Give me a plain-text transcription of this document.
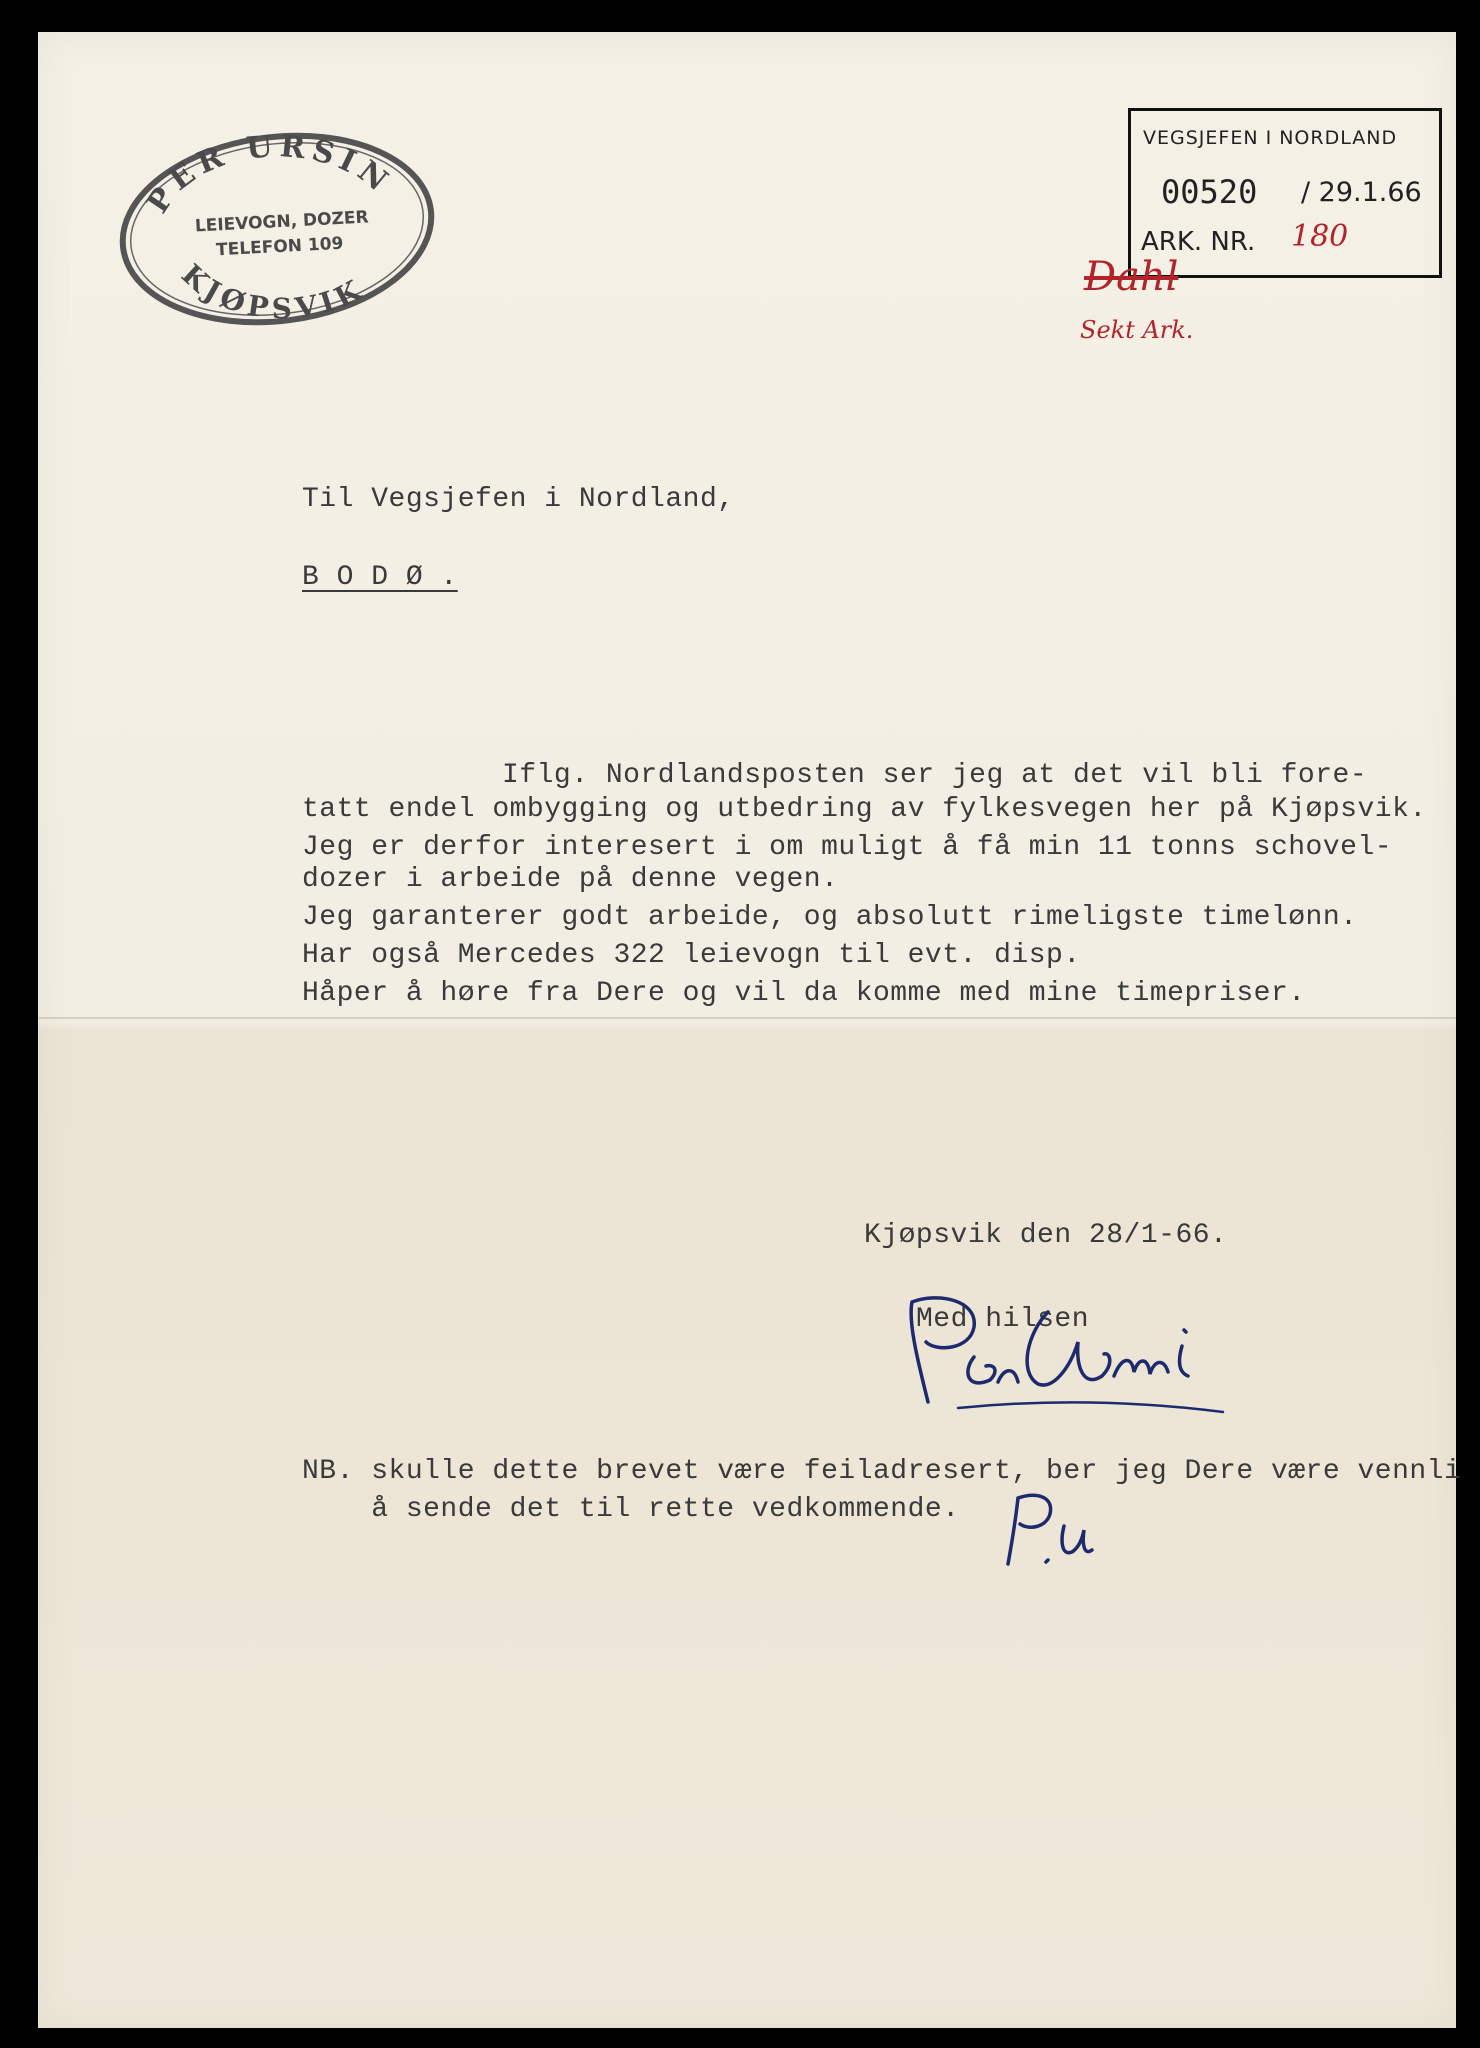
PER URSIN
LEIEVOGN, DOZER
TELEFON 109
KJØPSVIK
VEGSJEFEN I NORDLAND
00520 / 29.1.66
ARK. NR. 180
Dahl
Sekt Ark.
Til Vegsjefen i Nordland,
B O D Ø .
Iflg. Nordlandsposten ser jeg at det vil bli fore-
tatt endel ombygging og utbedring av fylkesvegen her på Kjøpsvik.
Jeg er derfor interesert i om muligt å få min 11 tonns schovel-
dozer i arbeide på denne vegen.
Jeg garanterer godt arbeide, og absolutt rimeligste timelønn.
Har også Mercedes 322 leievogn til evt. disp.
Håper å høre fra Dere og vil da komme med mine timepriser.
Kjøpsvik den 28/1-66.
Med hilsen
NB. skulle dette brevet være feiladresert, ber jeg Dere være vennli
å sende det til rette vedkommende.
